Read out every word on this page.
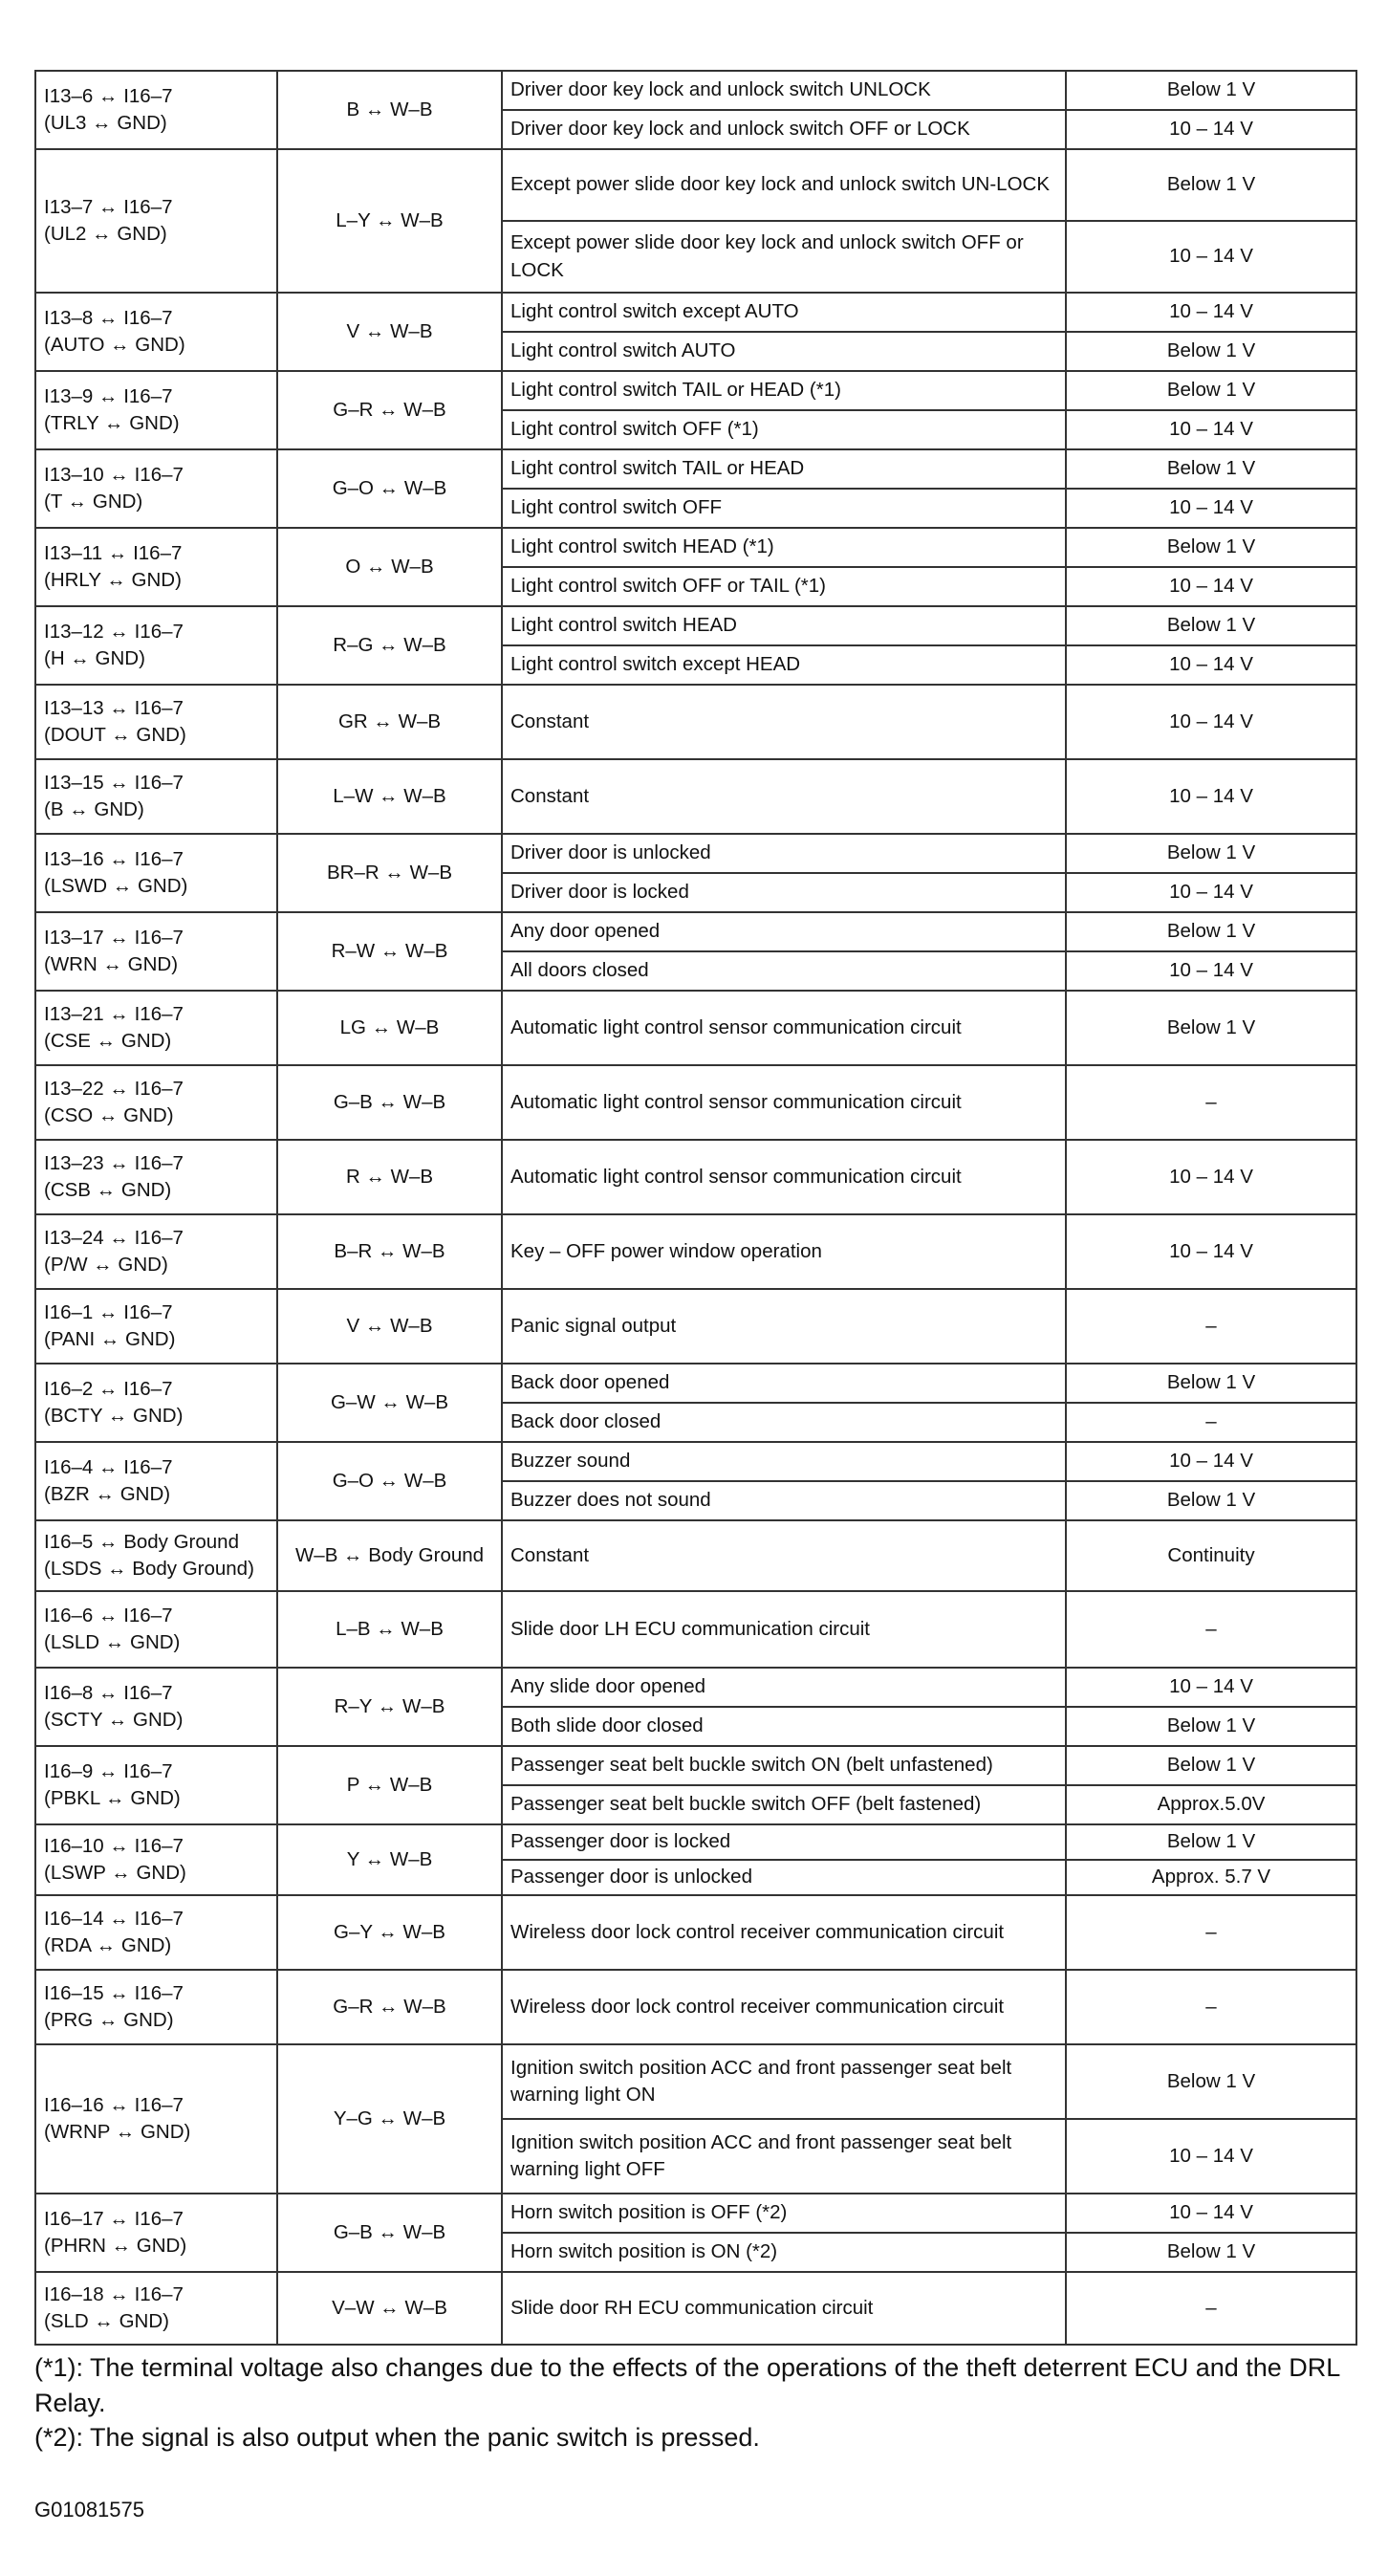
I13–6 ↔ I16–7
(UL3 ↔ GND)	B ↔ W–B	Driver door key lock and unlock switch UNLOCK	Below 1 V
		Driver door key lock and unlock switch OFF or LOCK	10 – 14 V

I13–7 ↔ I16–7
(UL2 ↔ GND)	L–Y ↔ W–B	Except power slide door key lock and unlock switch UN-LOCK	Below 1 V
		Except power slide door key lock and unlock switch OFF or LOCK	10 – 14 V

I13–8 ↔ I16–7
(AUTO ↔ GND)	V ↔ W–B	Light control switch except AUTO	10 – 14 V
		Light control switch AUTO	Below 1 V

I13–9 ↔ I16–7
(TRLY ↔ GND)	G–R ↔ W–B	Light control switch TAIL or HEAD (*1)	Below 1 V
		Light control switch OFF (*1)	10 – 14 V

I13–10 ↔ I16–7
(T ↔ GND)	G–O ↔ W–B	Light control switch TAIL or HEAD	Below 1 V
		Light control switch OFF	10 – 14 V

I13–11 ↔ I16–7
(HRLY ↔ GND)	O ↔ W–B	Light control switch HEAD (*1)	Below 1 V
		Light control switch OFF or TAIL (*1)	10 – 14 V

I13–12 ↔ I16–7
(H ↔ GND)	R–G ↔ W–B	Light control switch HEAD	Below 1 V
		Light control switch except HEAD	10 – 14 V

I13–13 ↔ I16–7
(DOUT ↔ GND)	GR ↔ W–B	Constant	10 – 14 V

I13–15 ↔ I16–7
(B ↔ GND)	L–W ↔ W–B	Constant	10 – 14 V

I13–16 ↔ I16–7
(LSWD ↔ GND)	BR–R ↔ W–B	Driver door is unlocked	Below 1 V
		Driver door is locked	10 – 14 V

I13–17 ↔ I16–7
(WRN ↔ GND)	R–W ↔ W–B	Any door opened	Below 1 V
		All doors closed	10 – 14 V

I13–21 ↔ I16–7
(CSE ↔ GND)	LG ↔ W–B	Automatic light control sensor communication circuit	Below 1 V

I13–22 ↔ I16–7
(CSO ↔ GND)	G–B ↔ W–B	Automatic light control sensor communication circuit	–

I13–23 ↔ I16–7
(CSB ↔ GND)	R ↔ W–B	Automatic light control sensor communication circuit	10 – 14 V

I13–24 ↔ I16–7
(P/W ↔ GND)	B–R ↔ W–B	Key – OFF power window operation	10 – 14 V

I16–1 ↔ I16–7
(PANI ↔ GND)	V ↔ W–B	Panic signal output	–

I16–2 ↔ I16–7
(BCTY ↔ GND)	G–W ↔ W–B	Back door opened	Below 1 V
		Back door closed	–

I16–4 ↔ I16–7
(BZR ↔ GND)	G–O ↔ W–B	Buzzer sound	10 – 14 V
		Buzzer does not sound	Below 1 V

I16–5 ↔ Body Ground
(LSDS ↔ Body Ground)	W–B ↔ Body Ground	Constant	Continuity

I16–6 ↔ I16–7
(LSLD ↔ GND)	L–B ↔ W–B	Slide door LH ECU communication circuit	–

I16–8 ↔ I16–7
(SCTY ↔ GND)	R–Y ↔ W–B	Any slide door opened	10 – 14 V
		Both slide door closed	Below 1 V

I16–9 ↔ I16–7
(PBKL ↔ GND)	P ↔ W–B	Passenger seat belt buckle switch ON (belt unfastened)	Below 1 V
		Passenger seat belt buckle switch OFF (belt fastened)	Approx.5.0V

I16–10 ↔ I16–7
(LSWP ↔ GND)	Y ↔ W–B	Passenger door is locked	Below 1 V
		Passenger door is unlocked	Approx. 5.7 V

I16–14 ↔ I16–7
(RDA ↔ GND)	G–Y ↔ W–B	Wireless door lock control receiver communication circuit	–

I16–15 ↔ I16–7
(PRG ↔ GND)	G–R ↔ W–B	Wireless door lock control receiver communication circuit	–

I16–16 ↔ I16–7
(WRNP ↔ GND)	Y–G ↔ W–B	Ignition switch position ACC and front passenger seat belt warning light ON	Below 1 V
		Ignition switch position ACC and front passenger seat belt warning light OFF	10 – 14 V

I16–17 ↔ I16–7
(PHRN ↔ GND)	G–B ↔ W–B	Horn switch position is OFF (*2)	10 – 14 V
		Horn switch position is ON (*2)	Below 1 V

I16–18 ↔ I16–7
(SLD ↔ GND)	V–W ↔ W–B	Slide door RH ECU communication circuit	–

(*1): The terminal voltage also changes due to the effects of the operations of the theft deterrent ECU and the DRL Relay.

(*2): The signal is also output when the panic switch is pressed.

G01081575
